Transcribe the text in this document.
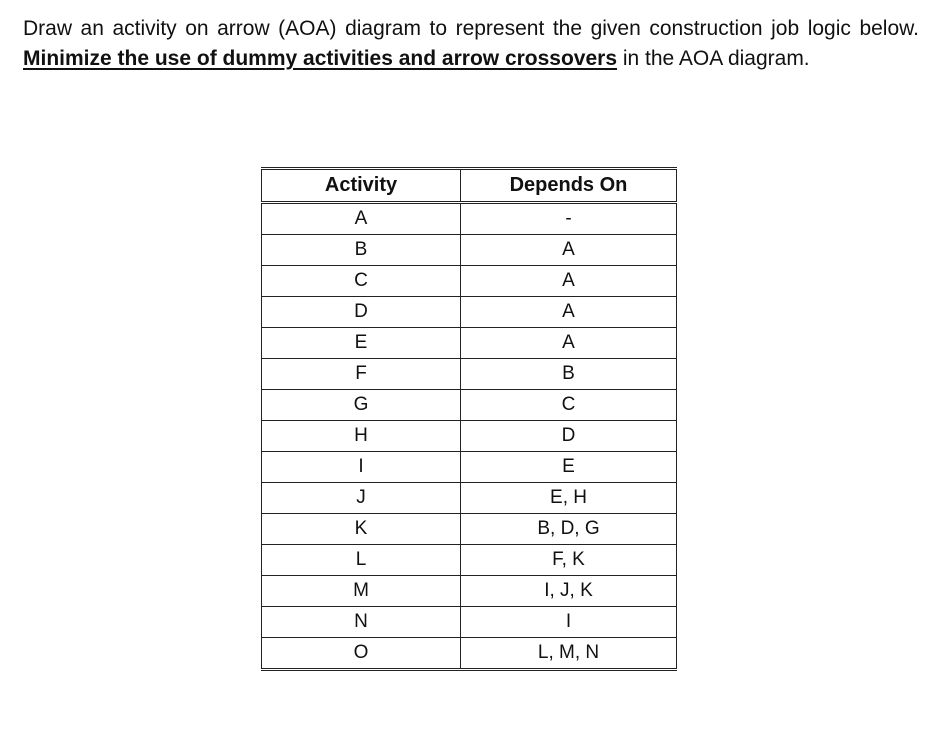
Draw an activity on arrow (AOA) diagram to represent the given construction job logic below. Minimize the use of dummy activities and arrow crossovers in the AOA diagram.

Activity	Depends On
A	-
B	A
C	A
D	A
E	A
F	B
G	C
H	D
I	E
J	E, H
K	B, D, G
L	F, K
M	I, J, K
N	I
O	L, M, N
